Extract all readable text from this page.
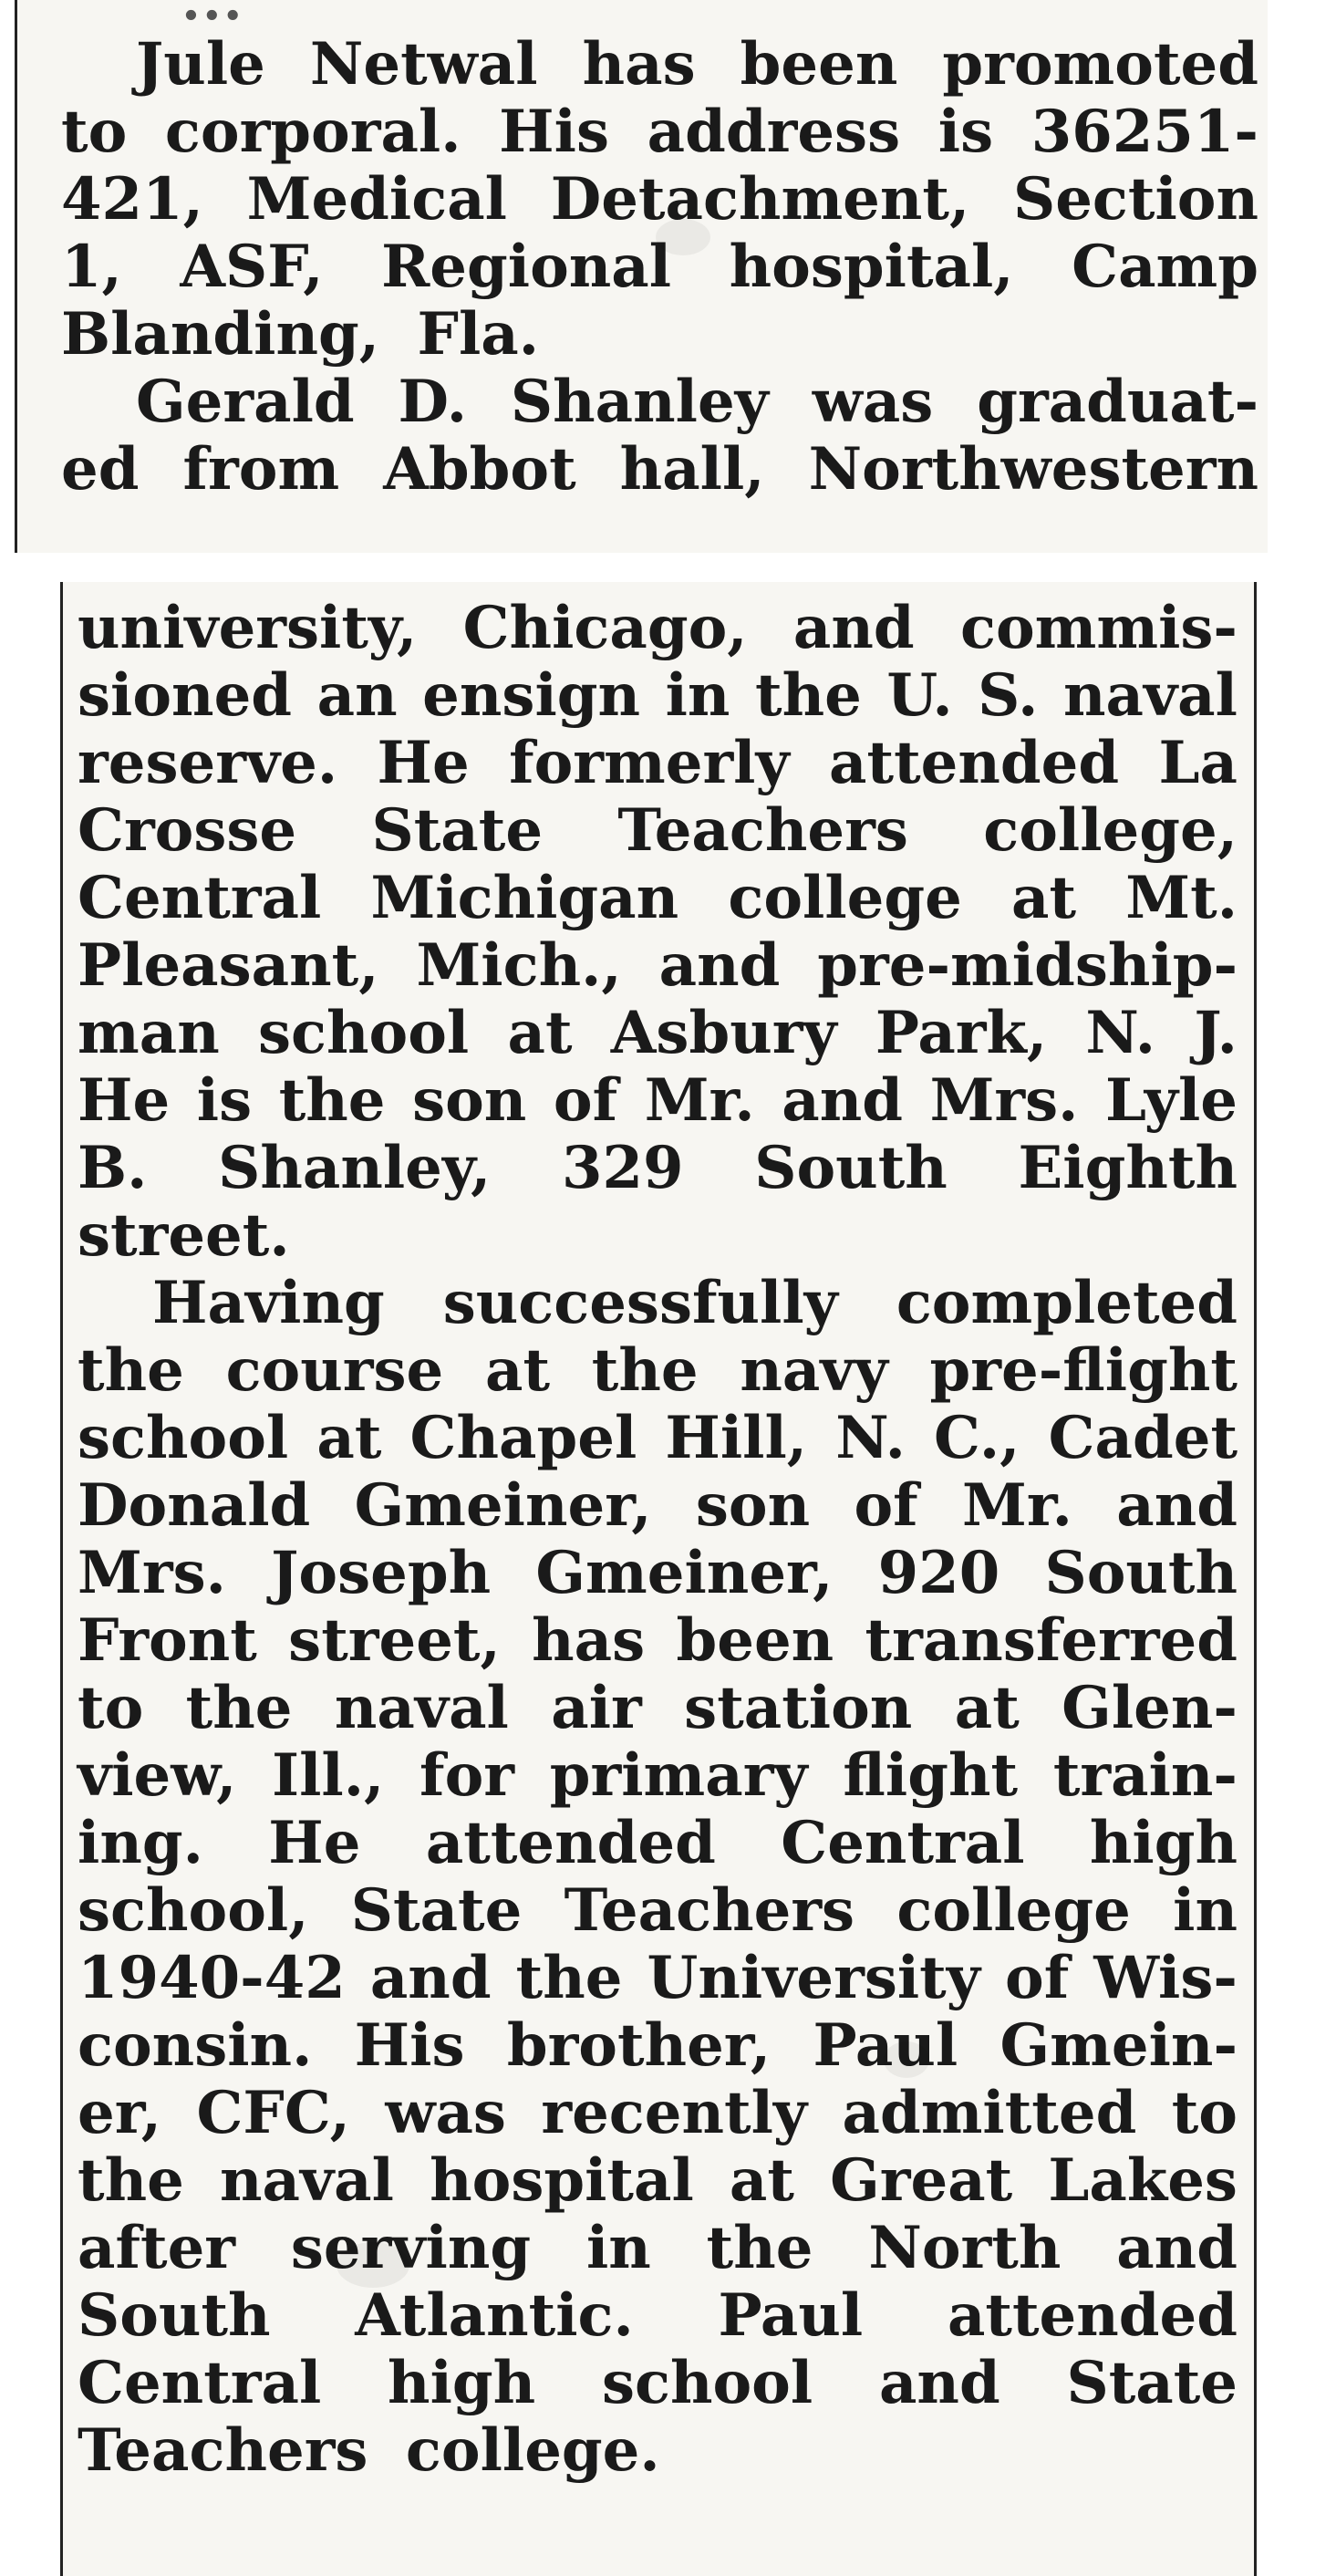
...
Jule Netwal has been promoted
to corporal. His address is 36251-
421, Medical Detachment, Section
1, ASF, Regional hospital, Camp
Blanding, Fla.
Gerald D. Shanley was graduat-
ed from Abbot hall, Northwestern
university, Chicago, and commis-
sioned an ensign in the U. S. naval
reserve. He formerly attended La
Crosse State Teachers college,
Central Michigan college at Mt.
Pleasant, Mich., and pre-midship-
man school at Asbury Park, N. J.
He is the son of Mr. and Mrs. Lyle
B. Shanley, 329 South Eighth
street.
Having successfully completed
the course at the navy pre-flight
school at Chapel Hill, N. C., Cadet
Donald Gmeiner, son of Mr. and
Mrs. Joseph Gmeiner, 920 South
Front street, has been transferred
to the naval air station at Glen-
view, Ill., for primary flight train-
ing. He attended Central high
school, State Teachers college in
1940-42 and the University of Wis-
consin. His brother, Paul Gmein-
er, CFC, was recently admitted to
the naval hospital at Great Lakes
after serving in the North and
South Atlantic. Paul attended
Central high school and State
Teachers college.
